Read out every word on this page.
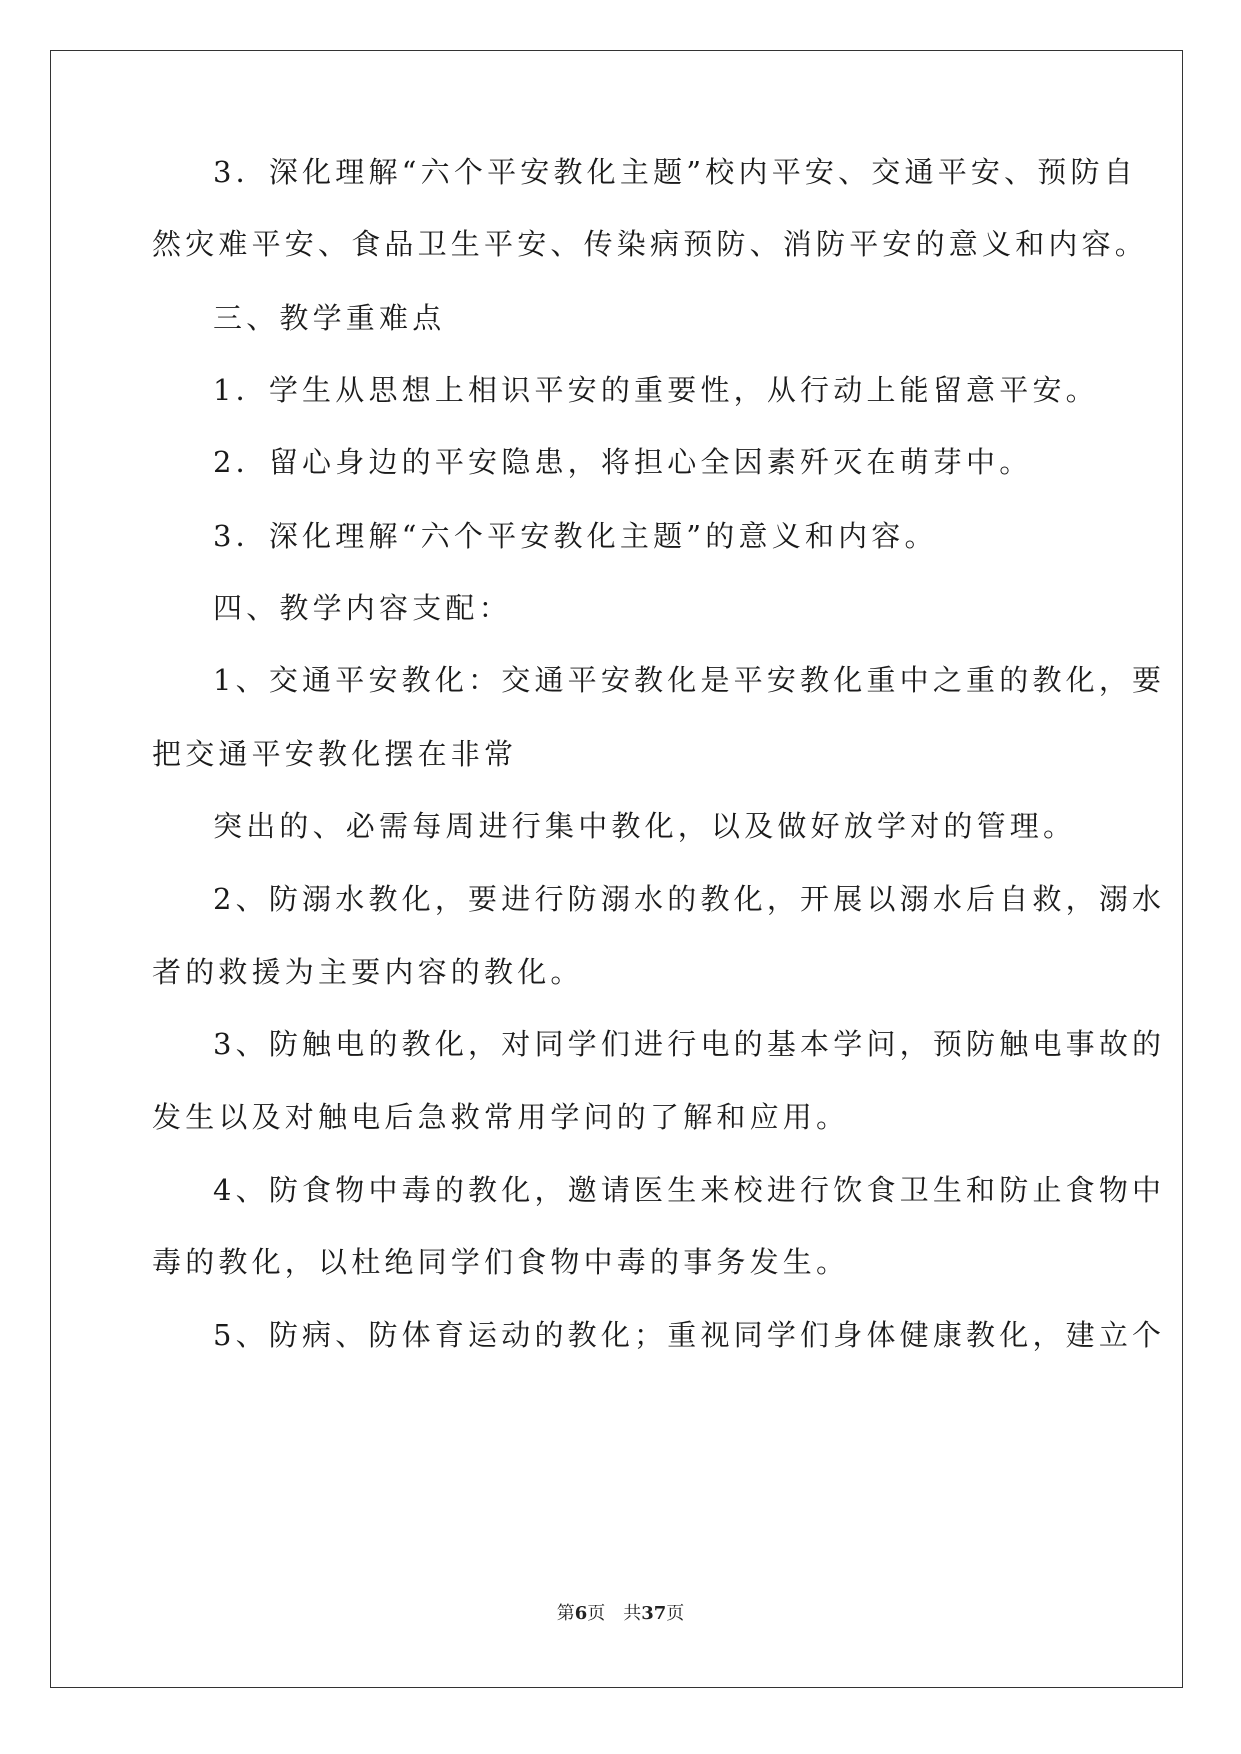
3．深化理解“六个平安教化主题”校内平安、交通平安、预防自
然灾难平安、食品卫生平安、传染病预防、消防平安的意义和内容。
三、教学重难点
1．学生从思想上相识平安的重要性，从行动上能留意平安。
2．留心身边的平安隐患，将担心全因素歼灭在萌芽中。
3．深化理解“六个平安教化主题”的意义和内容。
四、教学内容支配：
1、交通平安教化：交通平安教化是平安教化重中之重的教化，要
把交通平安教化摆在非常
突出的、必需每周进行集中教化，以及做好放学对的管理。
2、防溺水教化，要进行防溺水的教化，开展以溺水后自救，溺水
者的救援为主要内容的教化。
3、防触电的教化，对同学们进行电的基本学问，预防触电事故的
发生以及对触电后急救常用学问的了解和应用。
4、防食物中毒的教化，邀请医生来校进行饮食卫生和防止食物中
毒的教化，以杜绝同学们食物中毒的事务发生。
5、防病、防体育运动的教化；重视同学们身体健康教化，建立个
第6页　共37页
